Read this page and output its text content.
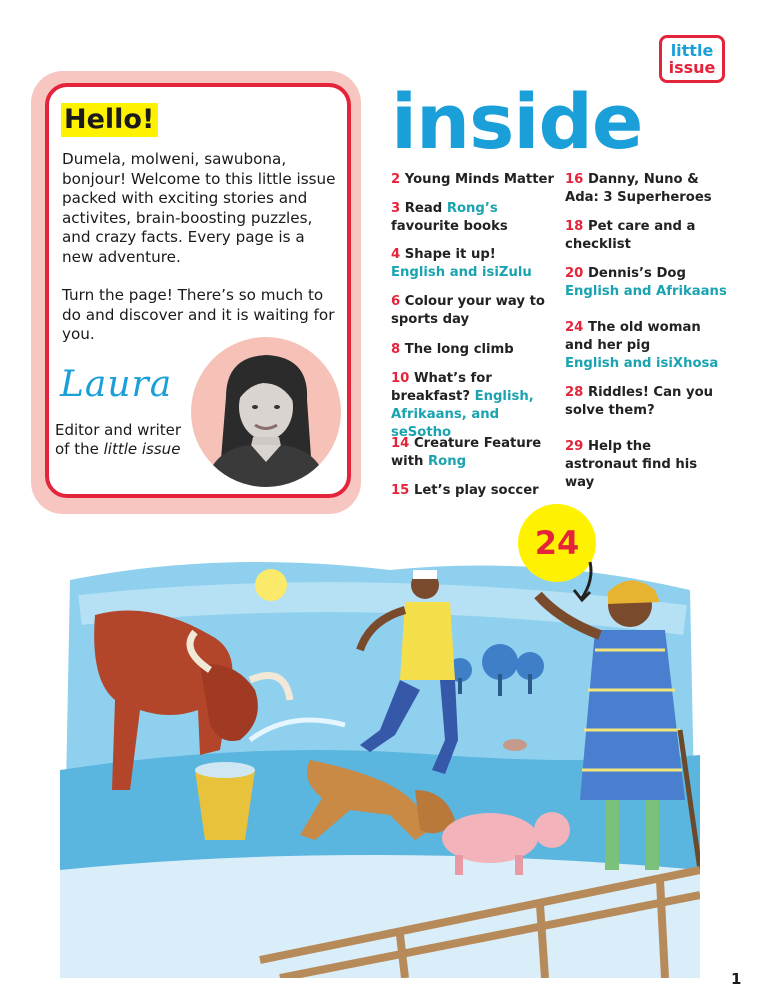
little
issue
Hello!

Dumela, molweni, sawubona, bonjour! Welcome to this little issue packed with exciting stories and activites, brain-boosting puzzles, and crazy facts. Every page is a new adventure.

Turn the page! There’s so much to do and discover and it is waiting for you.

Laura
Editor and writer
of the little issue
inside
2 Young Minds Matter
3 Read Rong’s
favourite books
4 Shape it up!
English and isiZulu
6 Colour your way to sports day
8 The long climb
10 What’s for breakfast? English, Afrikaans, and seSotho
14 Creature Feature with Rong
15 Let’s play soccer
16 Danny, Nuno & Ada: 3 Superheroes
18 Pet care and a checklist
20 Dennis’s Dog
English and Afrikaans
24 The old woman and her pig
English and isiXhosa
28 Riddles! Can you solve them?
29 Help the astronaut find his way
24
1
